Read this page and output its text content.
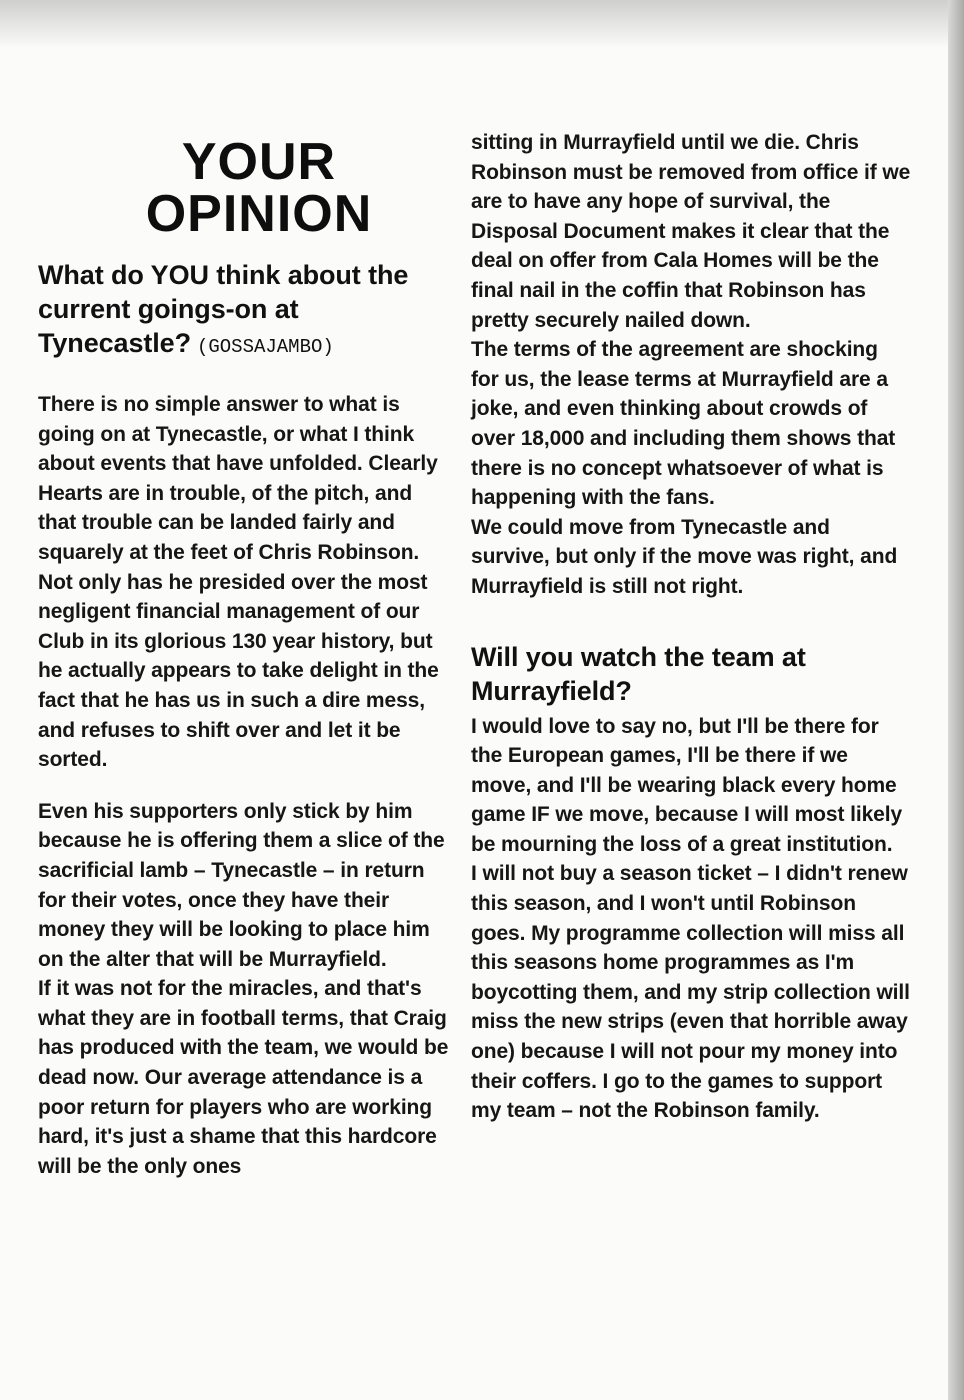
YOUR
OPINION
What do YOU think about the current goings-on at Tynecastle? (GOSSAJAMBO)

There is no simple answer to what is going on at Tynecastle, or what I think about events that have unfolded. Clearly Hearts are in trouble, of the pitch, and that trouble can be landed fairly and squarely at the feet of Chris Robinson. Not only has he presided over the most negligent financial management of our Club in its glorious 130 year history, but he actually appears to take delight in the fact that he has us in such a dire mess, and refuses to shift over and let it be sorted.

Even his supporters only stick by him because he is offering them a slice of the sacrificial lamb – Tynecastle – in return for their votes, once they have their money they will be looking to place him on the alter that will be Murrayfield.

If it was not for the miracles, and that's what they are in football terms, that Craig has produced with the team, we would be dead now. Our average attendance is a poor return for players who are working hard, it's just a shame that this hardcore will be the only ones

sitting in Murrayfield until we die. Chris Robinson must be removed from office if we are to have any hope of survival, the Disposal Document makes it clear that the deal on offer from Cala Homes will be the final nail in the coffin that Robinson has pretty securely nailed down.

The terms of the agreement are shocking for us, the lease terms at Murrayfield are a joke, and even thinking about crowds of over 18,000 and including them shows that there is no concept whatsoever of what is happening with the fans.

We could move from Tynecastle and survive, but only if the move was right, and Murrayfield is still not right.

Will you watch the team at Murrayfield?

I would love to say no, but I'll be there for the European games, I'll be there if we move, and I'll be wearing black every home game IF we move, because I will most likely be mourning the loss of a great institution.

I will not buy a season ticket – I didn't renew this season, and I won't until Robinson goes. My programme collection will miss all this seasons home programmes as I'm boycotting them, and my strip collection will miss the new strips (even that horrible away one) because I will not pour my money into their coffers. I go to the games to support my team – not the Robinson family.
